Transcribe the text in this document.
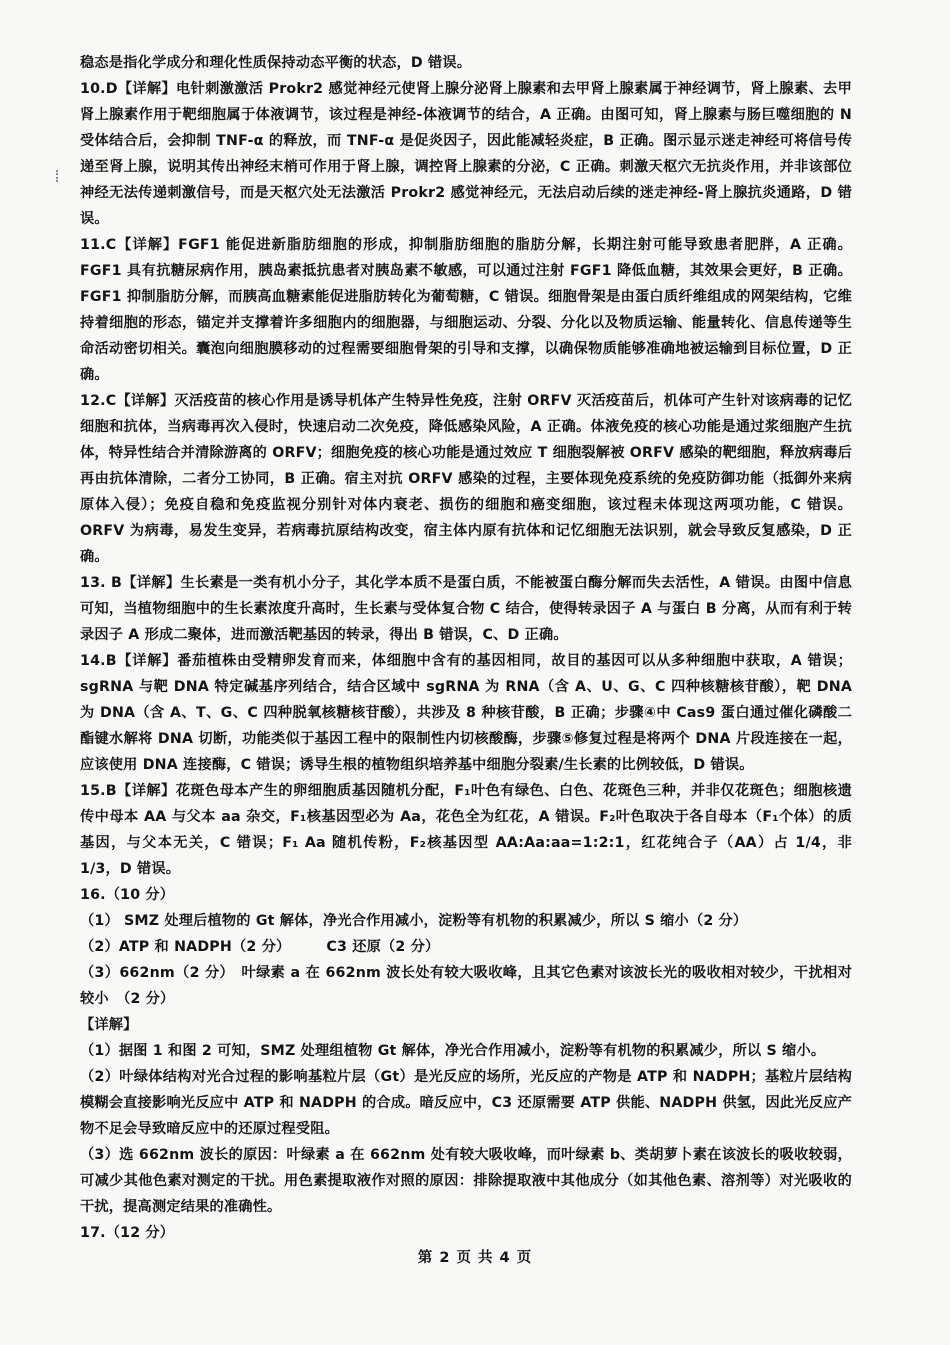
稳态是指化学成分和理化性质保持动态平衡的状态，D 错误。

10.D【详解】电针刺激激活 Prokr2 感觉神经元使肾上腺分泌肾上腺素和去甲肾上腺素属于神经调节，肾上腺素、去甲肾上腺素作用于靶细胞属于体液调节，该过程是神经-体液调节的结合，A 正确。由图可知，肾上腺素与肠巨噬细胞的 N 受体结合后，会抑制 TNF-α 的释放，而 TNF-α 是促炎因子，因此能减轻炎症，B 正确。图示显示迷走神经可将信号传递至肾上腺，说明其传出神经末梢可作用于肾上腺，调控肾上腺素的分泌，C 正确。刺激天枢穴无抗炎作用，并非该部位神经无法传递刺激信号，而是天枢穴处无法激活 Prokr2 感觉神经元，无法启动后续的迷走神经-肾上腺抗炎通路，D 错误。

11.C【详解】FGF1 能促进新脂肪细胞的形成，抑制脂肪细胞的脂肪分解，长期注射可能导致患者肥胖，A 正确。FGF1 具有抗糖尿病作用，胰岛素抵抗患者对胰岛素不敏感，可以通过注射 FGF1 降低血糖，其效果会更好，B 正确。FGF1 抑制脂肪分解，而胰高血糖素能促进脂肪转化为葡萄糖，C 错误。细胞骨架是由蛋白质纤维组成的网架结构，它维持着细胞的形态，锚定并支撑着许多细胞内的细胞器，与细胞运动、分裂、分化以及物质运输、能量转化、信息传递等生命活动密切相关。囊泡向细胞膜移动的过程需要细胞骨架的引导和支撑，以确保物质能够准确地被运输到目标位置，D 正确。

12.C【详解】灭活疫苗的核心作用是诱导机体产生特异性免疫，注射 ORFV 灭活疫苗后，机体可产生针对该病毒的记忆细胞和抗体，当病毒再次入侵时，快速启动二次免疫，降低感染风险，A 正确。体液免疫的核心功能是通过浆细胞产生抗体，特异性结合并清除游离的 ORFV；细胞免疫的核心功能是通过效应 T 细胞裂解被 ORFV 感染的靶细胞，释放病毒后再由抗体清除，二者分工协同，B 正确。宿主对抗 ORFV 感染的过程，主要体现免疫系统的免疫防御功能（抵御外来病原体入侵）；免疫自稳和免疫监视分别针对体内衰老、损伤的细胞和癌变细胞，该过程未体现这两项功能，C 错误。ORFV 为病毒，易发生变异，若病毒抗原结构改变，宿主体内原有抗体和记忆细胞无法识别，就会导致反复感染，D 正确。

13. B【详解】生长素是一类有机小分子，其化学本质不是蛋白质，不能被蛋白酶分解而失去活性，A 错误。由图中信息可知，当植物细胞中的生长素浓度升高时，生长素与受体复合物 C 结合，使得转录因子 A 与蛋白 B 分离，从而有利于转录因子 A 形成二聚体，进而激活靶基因的转录，得出 B 错误，C、D 正确。

14.B【详解】番茄植株由受精卵发育而来，体细胞中含有的基因相同，故目的基因可以从多种细胞中获取，A 错误；sgRNA 与靶 DNA 特定碱基序列结合，结合区域中 sgRNA 为 RNA（含 A、U、G、C 四种核糖核苷酸），靶 DNA 为 DNA（含 A、T、G、C 四种脱氧核糖核苷酸），共涉及 8 种核苷酸，B 正确；步骤④中 Cas9 蛋白通过催化磷酸二酯键水解将 DNA 切断，功能类似于基因工程中的限制性内切核酸酶，步骤⑤修复过程是将两个 DNA 片段连接在一起，应该使用 DNA 连接酶，C 错误；诱导生根的植物组织培养基中细胞分裂素/生长素的比例较低，D 错误。

15.B【详解】花斑色母本产生的卵细胞质基因随机分配，F₁叶色有绿色、白色、花斑色三种，并非仅花斑色；细胞核遗传中母本 AA 与父本 aa 杂交，F₁核基因型必为 Aa，花色全为红花，A 错误。F₂叶色取决于各自母本（F₁个体）的质基因，与父本无关，C 错误；F₁ Aa 随机传粉，F₂核基因型 AA:Aa:aa=1:2:1，红花纯合子（AA）占 1/4，非 1/3，D 错误。

16.（10 分）

（1） SMZ 处理后植物的 Gt 解体，净光合作用减小，淀粉等有机物的积累减少，所以 S 缩小（2 分）

（2）ATP 和 NADPH（2 分）　　　C3 还原（2 分）

（3）662nm（2 分）　叶绿素 a 在 662nm 波长处有较大吸收峰，且其它色素对该波长光的吸收相对较少，干扰相对较小　（2 分）

【详解】

（1）据图 1 和图 2 可知，SMZ 处理组植物 Gt 解体，净光合作用减小，淀粉等有机物的积累减少，所以 S 缩小。

（2）叶绿体结构对光合过程的影响基粒片层（Gt）是光反应的场所，光反应的产物是 ATP 和 NADPH；基粒片层结构模糊会直接影响光反应中 ATP 和 NADPH 的合成。暗反应中，C3 还原需要 ATP 供能、NADPH 供氢，因此光反应产物不足会导致暗反应中的还原过程受阻。

（3）选 662nm 波长的原因：叶绿素 a 在 662nm 处有较大吸收峰，而叶绿素 b、类胡萝卜素在该波长的吸收较弱，可减少其他色素对测定的干扰。用色素提取液作对照的原因：排除提取液中其他成分（如其他色素、溶剂等）对光吸收的干扰，提高测定结果的准确性。

17.（12 分）

第 2 页 共 4 页
